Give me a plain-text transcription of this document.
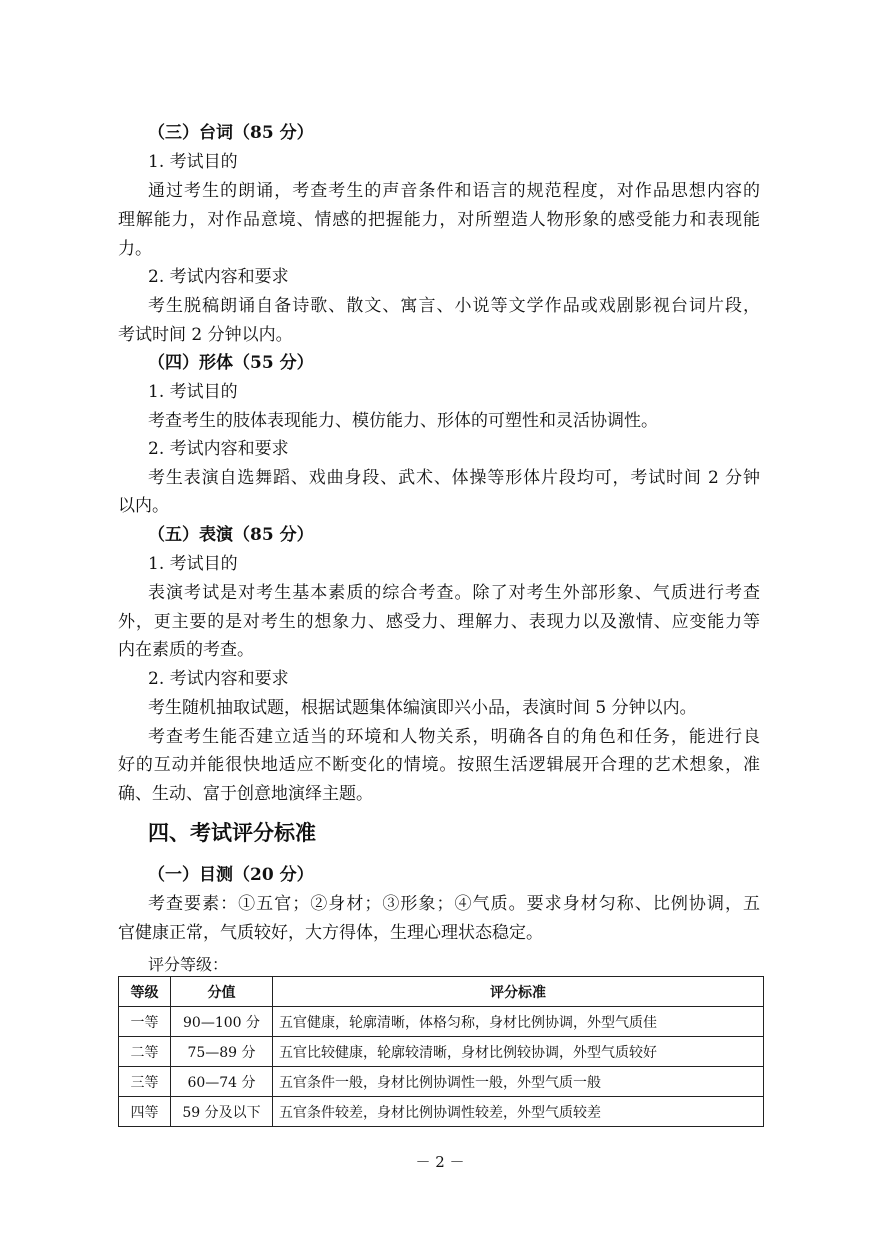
（三）台词（85 分）
1. 考试目的
通过考生的朗诵，考查考生的声音条件和语言的规范程度，对作品思想内容的
理解能力，对作品意境、情感的把握能力，对所塑造人物形象的感受能力和表现能
力。
2. 考试内容和要求
考生脱稿朗诵自备诗歌、散文、寓言、小说等文学作品或戏剧影视台词片段，
考试时间 2 分钟以内。
（四）形体（55 分）
1. 考试目的
考查考生的肢体表现能力、模仿能力、形体的可塑性和灵活协调性。
2. 考试内容和要求
考生表演自选舞蹈、戏曲身段、武术、体操等形体片段均可，考试时间 2 分钟
以内。
（五）表演（85 分）
1. 考试目的
表演考试是对考生基本素质的综合考查。除了对考生外部形象、气质进行考查
外，更主要的是对考生的想象力、感受力、理解力、表现力以及激情、应变能力等
内在素质的考查。
2. 考试内容和要求
考生随机抽取试题，根据试题集体编演即兴小品，表演时间 5 分钟以内。
考查考生能否建立适当的环境和人物关系，明确各自的角色和任务，能进行良
好的互动并能很快地适应不断变化的情境。按照生活逻辑展开合理的艺术想象，准
确、生动、富于创意地演绎主题。
四、考试评分标准
（一）目测（20 分）
考查要素：①五官；②身材；③形象；④气质。要求身材匀称、比例协调，五
官健康正常，气质较好，大方得体，生理心理状态稳定。
评分等级：
等级	分值	评分标准
一等	90—100 分	五官健康，轮廓清晰，体格匀称，身材比例协调，外型气质佳
二等	75—89 分	五官比较健康，轮廓较清晰，身材比例较协调，外型气质较好
三等	60—74 分	五官条件一般，身材比例协调性一般，外型气质一般
四等	59 分及以下	五官条件较差，身材比例协调性较差，外型气质较差
－ 2 －
